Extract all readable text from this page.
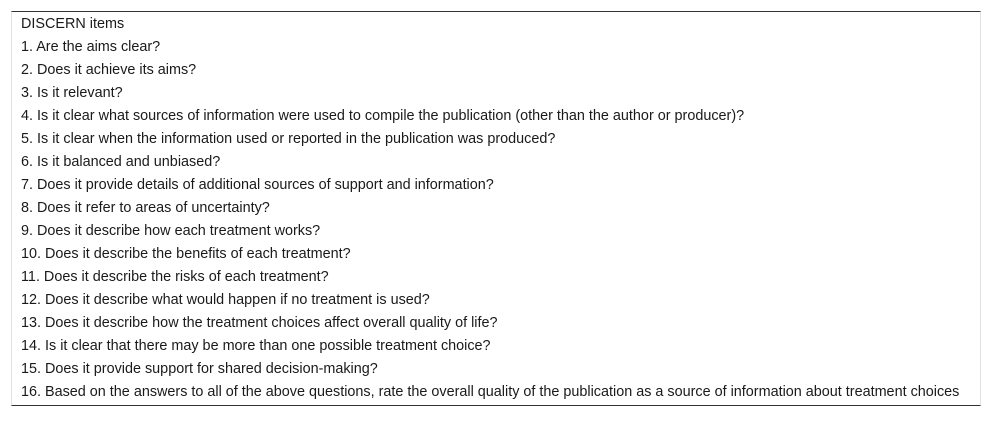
DISCERN items
1. Are the aims clear?
2. Does it achieve its aims?
3. Is it relevant?
4. Is it clear what sources of information were used to compile the publication (other than the author or producer)?
5. Is it clear when the information used or reported in the publication was produced?
6. Is it balanced and unbiased?
7. Does it provide details of additional sources of support and information?
8. Does it refer to areas of uncertainty?
9. Does it describe how each treatment works?
10. Does it describe the benefits of each treatment?
11. Does it describe the risks of each treatment?
12. Does it describe what would happen if no treatment is used?
13. Does it describe how the treatment choices affect overall quality of life?
14. Is it clear that there may be more than one possible treatment choice?
15. Does it provide support for shared decision-making?
16. Based on the answers to all of the above questions, rate the overall quality of the publication as a source of information about treatment choices
